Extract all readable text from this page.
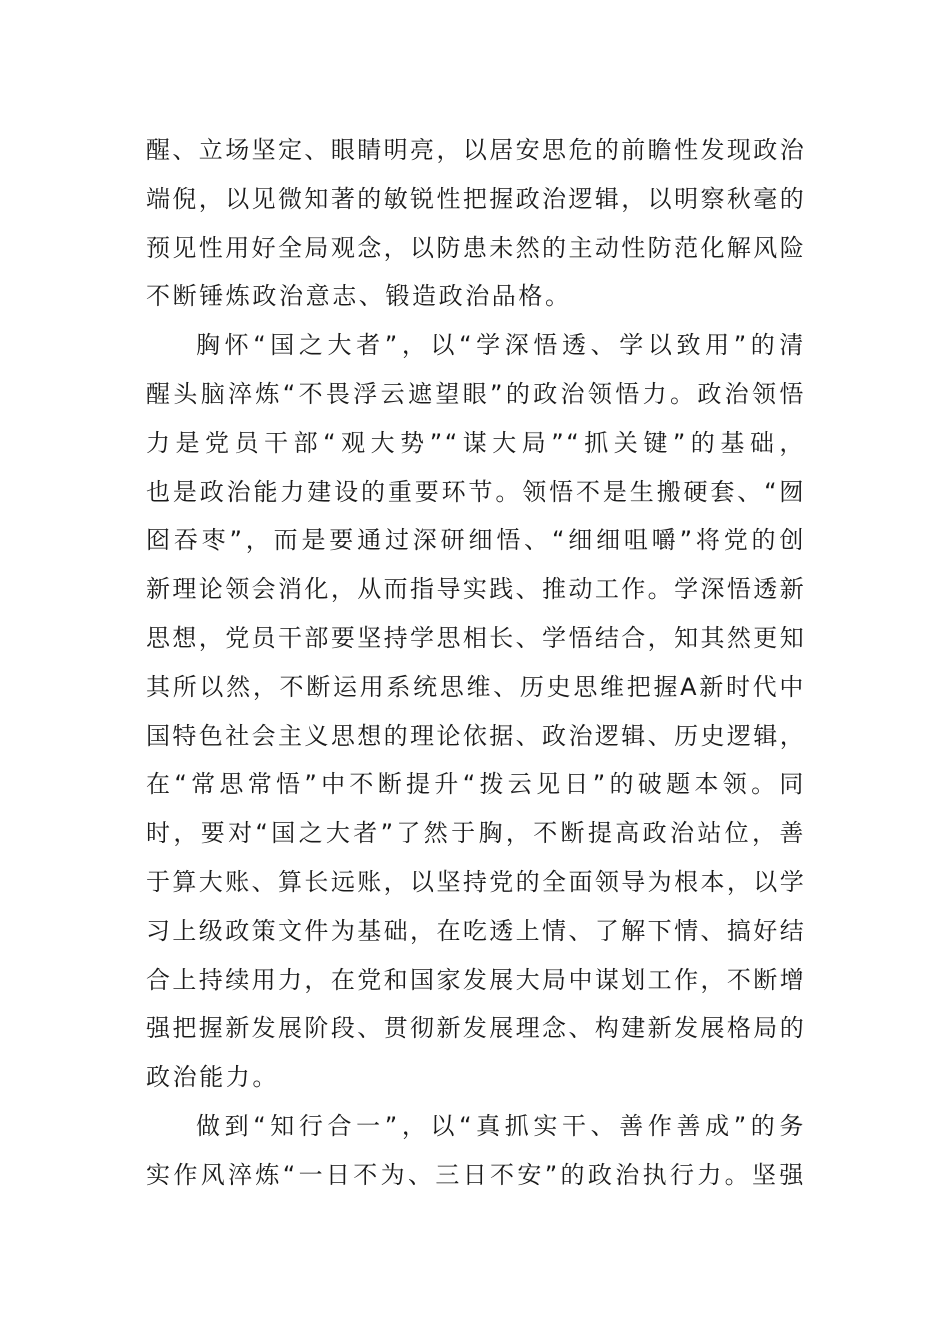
醒、立场坚定、眼睛明亮，以居安思危的前瞻性发现政治
端倪，以见微知著的敏锐性把握政治逻辑，以明察秋毫的
预见性用好全局观念，以防患未然的主动性防范化解风险
不断锤炼政治意志、锻造政治品格。
胸怀“国之大者”，以“学深悟透、学以致用”的清
醒头脑淬炼“不畏浮云遮望眼”的政治领悟力。政治领悟
力是党员干部“观大势”“谋大局”“抓关键”的基础，
也是政治能力建设的重要环节。领悟不是生搬硬套、“囫
囵吞枣”，而是要通过深研细悟、“细细咀嚼”将党的创
新理论领会消化，从而指导实践、推动工作。学深悟透新
思想，党员干部要坚持学思相长、学悟结合，知其然更知
其所以然，不断运用系统思维、历史思维把握A新时代中
国特色社会主义思想的理论依据、政治逻辑、历史逻辑，
在“常思常悟”中不断提升“拨云见日”的破题本领。同
时，要对“国之大者”了然于胸，不断提高政治站位，善
于算大账、算长远账，以坚持党的全面领导为根本，以学
习上级政策文件为基础，在吃透上情、了解下情、搞好结
合上持续用力，在党和国家发展大局中谋划工作，不断增
强把握新发展阶段、贯彻新发展理念、构建新发展格局的
政治能力。
做到“知行合一”，以“真抓实干、善作善成”的务
实作风淬炼“一日不为、三日不安”的政治执行力。坚强
